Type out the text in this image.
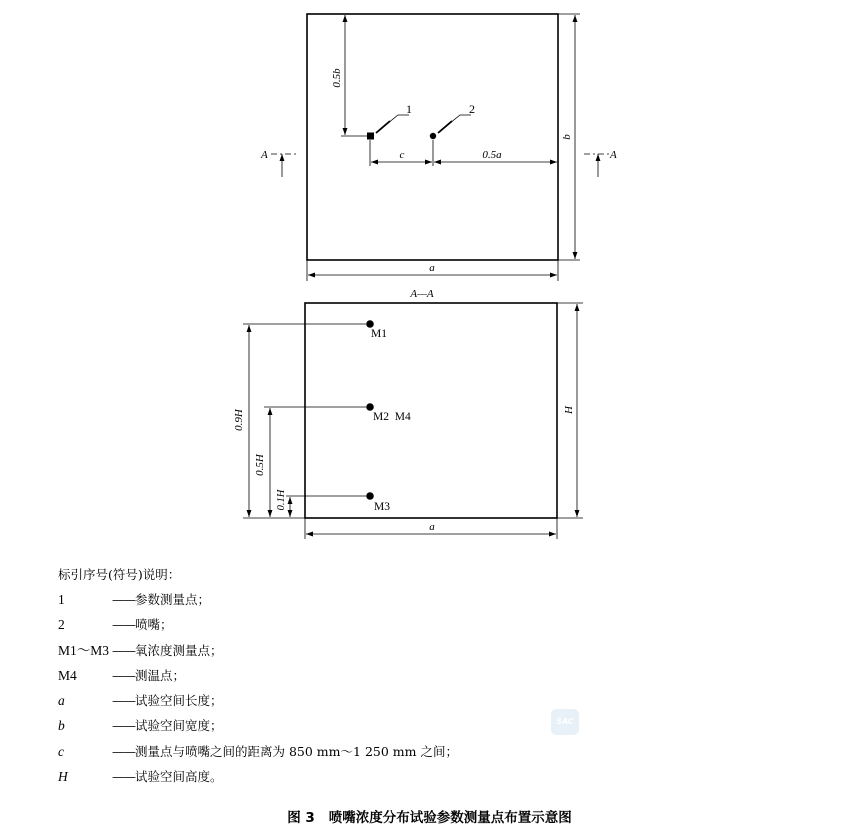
0.5b
1	2
c	0.5a
b
a
A	A
A—A
M1
M2  M4
M3
0.9H
0.5H
0.1H
H
a
标引序号(符号)说明：
1	——参数测量点；
2	——喷嘴；
M1～M3 ——氧浓度测量点；
M4	——测温点；
a	——试验空间长度；
b	——试验空间宽度；
c	——测量点与喷嘴之间的距离为 850 mm～1 250 mm 之间；
H	——试验空间高度。
SAC
图 3 喷嘴浓度分布试验参数测量点布置示意图
